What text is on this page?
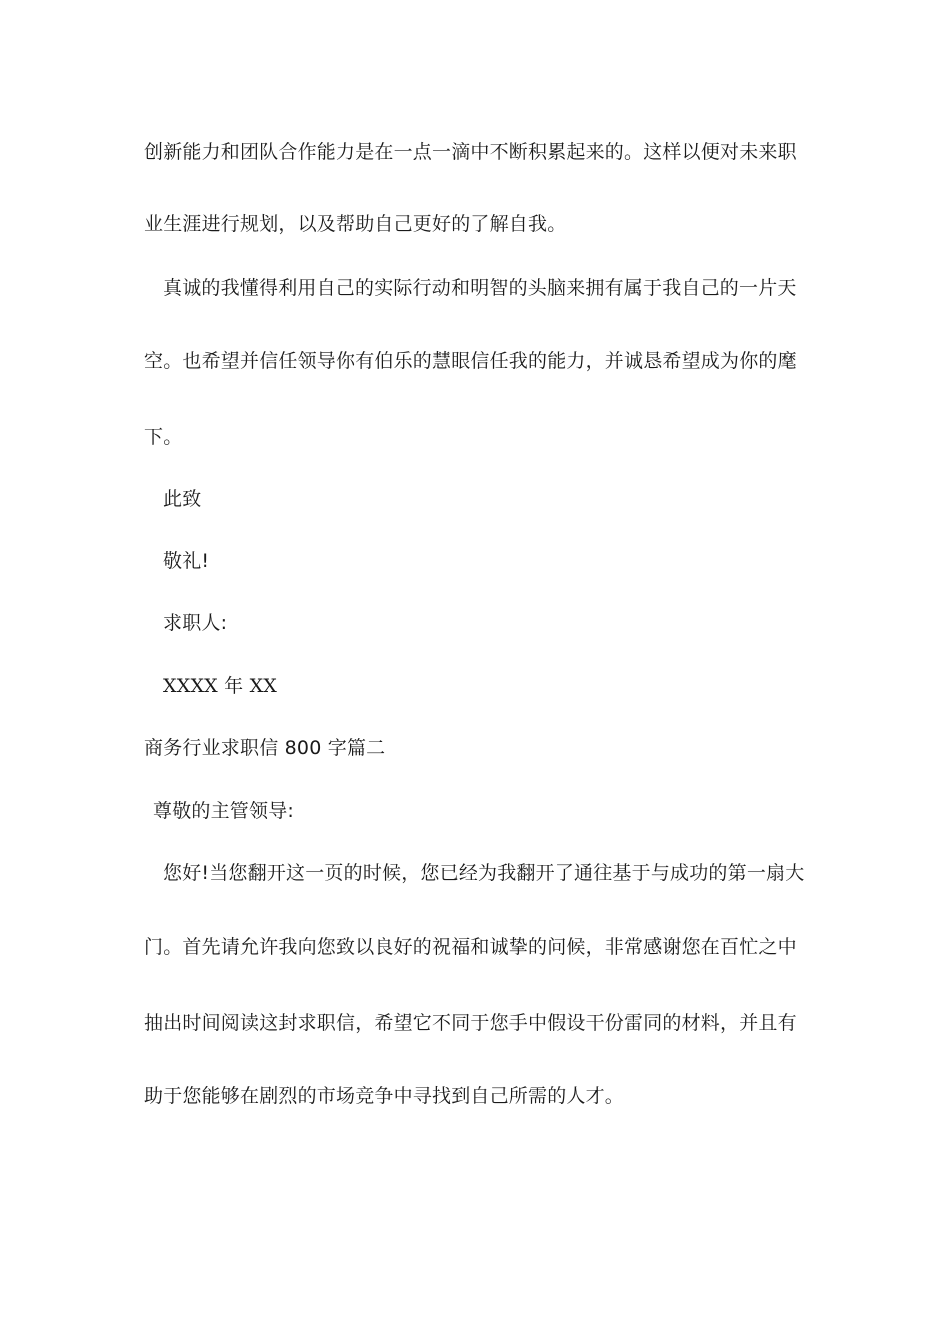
创新能力和团队合作能力是在一点一滴中不断积累起来的。这样以便对未来职
业生涯进行规划，以及帮助自己更好的了解自我。
真诚的我懂得利用自己的实际行动和明智的头脑来拥有属于我自己的一片天
空。也希望并信任领导你有伯乐的慧眼信任我的能力，并诚恳希望成为你的麾
下。
此致
敬礼!
求职人:
XXXX 年 XX
商务行业求职信 800 字篇二
尊敬的主管领导:
您好!当您翻开这一页的时候，您已经为我翻开了通往基于与成功的第一扇大
门。首先请允许我向您致以良好的祝福和诚挚的问候，非常感谢您在百忙之中
抽出时间阅读这封求职信，希望它不同于您手中假设干份雷同的材料，并且有
助于您能够在剧烈的市场竞争中寻找到自己所需的人才。
